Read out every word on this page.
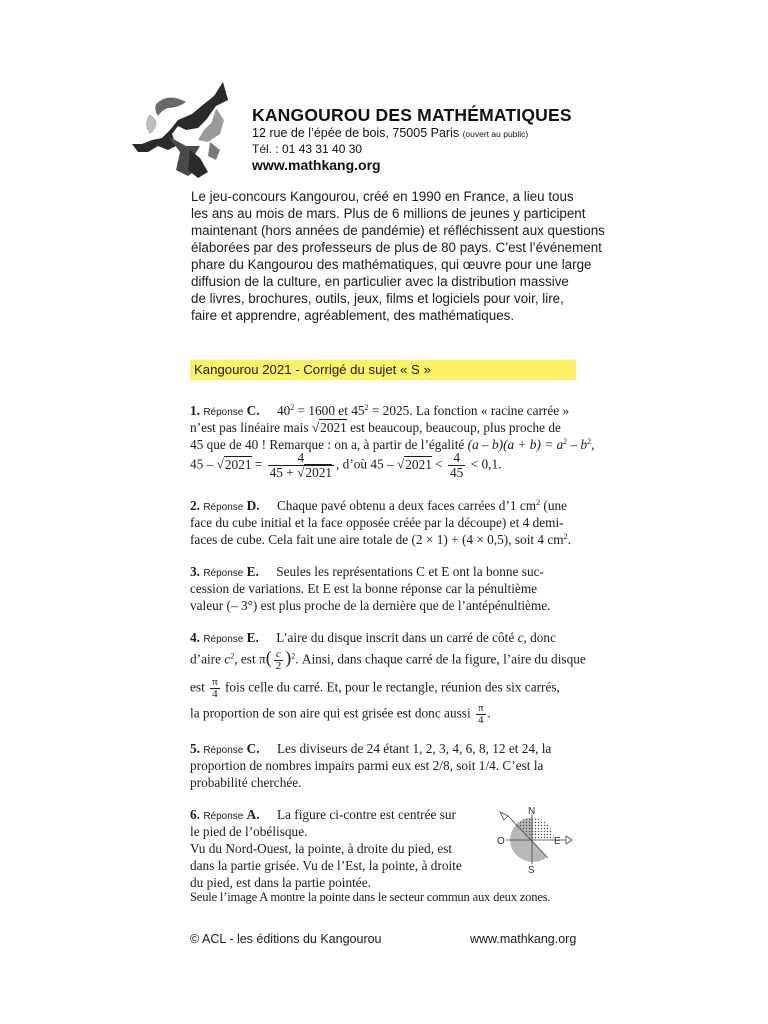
KANGOUROU DES MATHÉMATIQUES
12 rue de l’épée de bois, 75005 Paris (ouvert au public)
Tél. : 01 43 31 40 30
www.mathkang.org

Le jeu-concours Kangourou, créé en 1990 en France, a lieu tous

les ans au mois de mars. Plus de 6 millions de jeunes y participent

maintenant (hors années de pandémie) et réfléchissent aux questions

élaborées par des professeurs de plus de 80 pays. C’est l’événement

phare du Kangourou des mathématiques, qui œuvre pour une large

diffusion de la culture, en particulier avec la distribution massive

de livres, brochures, outils, jeux, films et logiciels pour voir, lire,

faire et apprendre, agréablement, des mathématiques.

Kangourou 2021 - Corrigé du sujet « S »
1. Réponse C. $40^2 = 1600$ et $45^2 = 2025$. La fonction « racine carrée »
n’est pas linéaire mais √2021 est beaucoup, beaucoup, plus proche de
45 que de 40 ! Remarque : on a, à partir de l’égalité $(a - b)(a + b) = a^2 - b^2$,
$45 - √2021 = \frac{4}{45 + √2021}$ , d’où $45 - √2021 < \frac{4}{45} < 0,1$.
2. Réponse D. Chaque pavé obtenu a deux faces carrées d’1 $cm^2$ (une
face du cube initial et la face opposée créée par la découpe) et 4 demi-
faces de cube. Cela fait une aire totale de (2 × 1) + (4 × 0,5), soit 4 $cm^2$.
3. Réponse E. Seules les représentations C et E ont la bonne suc-
cession de variations. Et E est la bonne réponse car la pénultième
valeur (– 3°) est plus proche de la dernière que de l’antépénultième.
4. Réponse E. L’aire du disque inscrit dans un carré de côté c, donc
d’aire $c^2$, est $\pi( \frac{c}{2} )^2$. Ainsi, dans chaque carré de la figure, l’aire du disque
est $\frac{\pi}{4}$ fois celle du carré. Et, pour le rectangle, réunion des six carrés,
la proportion de son aire qui est grisée est donc aussi $\frac{\pi}{4}$ .
5. Réponse C. Les diviseurs de 24 étant 1, 2, 3, 4, 6, 8, 12 et 24, la
proportion de nombres impairs parmi eux est 2/8, soit 1/4. C’est la
probabilité cherchée.
6. Réponse A. La figure ci-contre est centrée sur
le pied de l’obélisque.
Vu du Nord-Ouest, la pointe, à droite du pied, est
dans la partie grisée. Vu de l’Est, la pointe, à droite
du pied, est dans la partie pointée.
Seule l’image A montre la pointe dans le secteur commun aux deux zones.
N
S
E
O
© ACL - les éditions du Kangourou	www.mathkang.org
